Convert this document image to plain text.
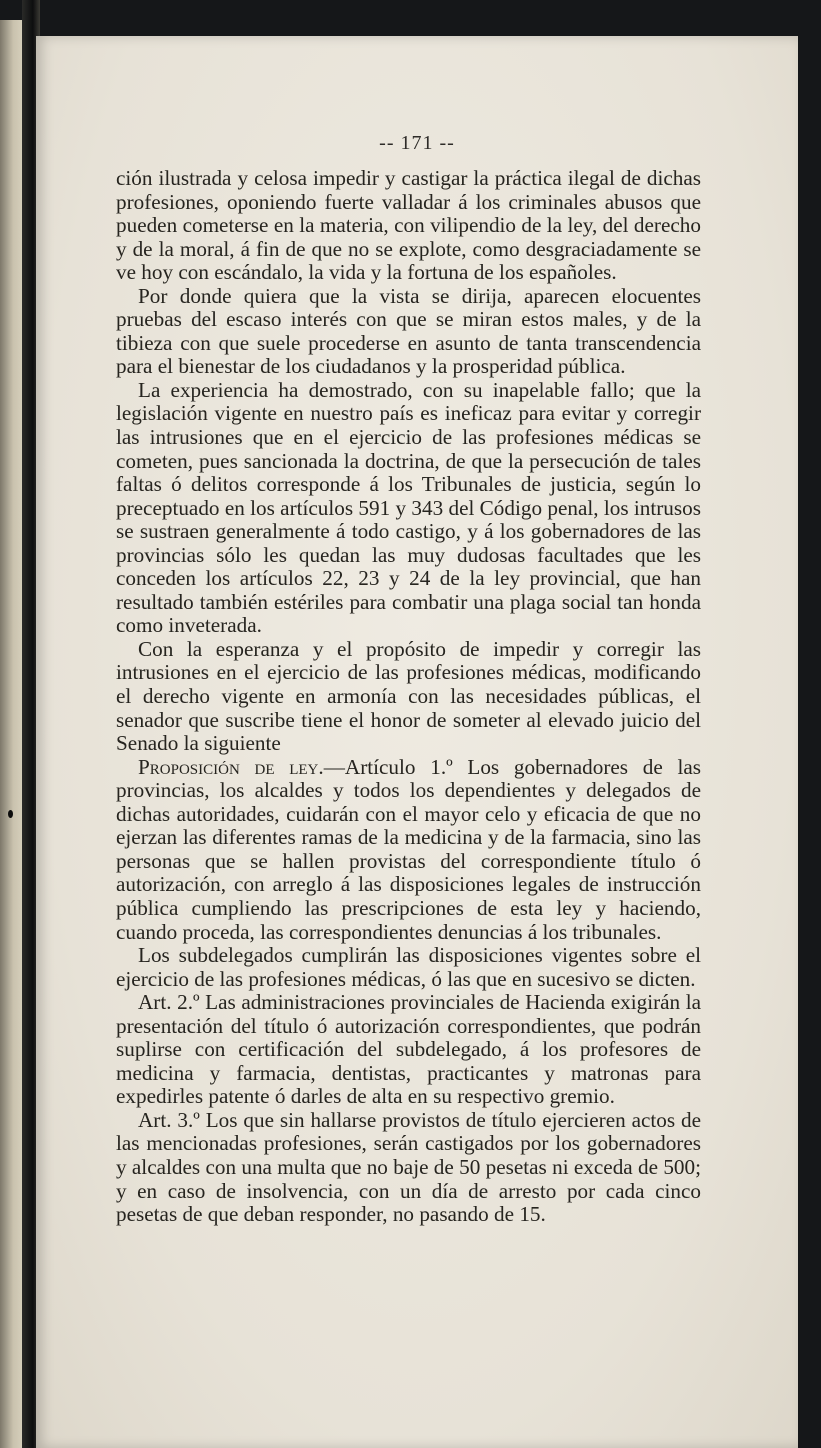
-- 171 --

ción ilustrada y celosa impedir y castigar la práctica ilegal de dichas profesiones, oponiendo fuerte valladar á los criminales abusos que pueden cometerse en la materia, con vilipendio de la ley, del derecho y de la moral, á fin de que no se explote, como desgraciadamente se ve hoy con escándalo, la vida y la fortuna de los españoles.

Por donde quiera que la vista se dirija, aparecen elocuentes pruebas del escaso interés con que se miran estos males, y de la tibieza con que suele procederse en asunto de tanta transcendencia para el bienestar de los ciudadanos y la prosperidad pública.

La experiencia ha demostrado, con su inapelable fallo; que la legislación vigente en nuestro país es ineficaz para evitar y corregir las intrusiones que en el ejercicio de las profesiones médicas se cometen, pues sancionada la doctrina, de que la persecución de tales faltas ó delitos corresponde á los Tribunales de justicia, según lo preceptuado en los artículos 591 y 343 del Código penal, los intrusos se sustraen generalmente á todo castigo, y á los gobernadores de las provincias sólo les quedan las muy dudosas facultades que les conceden los artículos 22, 23 y 24 de la ley provincial, que han resultado también estériles para combatir una plaga social tan honda como inveterada.

Con la esperanza y el propósito de impedir y corregir las intrusiones en el ejercicio de las profesiones médicas, modificando el derecho vigente en armonía con las necesidades públicas, el senador que suscribe tiene el honor de someter al elevado juicio del Senado la siguiente

Proposición de ley.—Artículo 1.º Los gobernadores de las provincias, los alcaldes y todos los dependientes y delegados de dichas autoridades, cuidarán con el mayor celo y eficacia de que no ejerzan las diferentes ramas de la medicina y de la farmacia, sino las personas que se hallen provistas del correspondiente título ó autorización, con arreglo á las disposiciones legales de instrucción pública cumpliendo las prescripciones de esta ley y haciendo, cuando proceda, las correspondientes denuncias á los tribunales.

Los subdelegados cumplirán las disposiciones vigentes sobre el ejercicio de las profesiones médicas, ó las que en sucesivo se dicten.

Art. 2.º Las administraciones provinciales de Hacienda exigirán la presentación del título ó autorización correspondientes, que podrán suplirse con certificación del subdelegado, á los profesores de medicina y farmacia, dentistas, practicantes y matronas para expedirles patente ó darles de alta en su respectivo gremio.

Art. 3.º Los que sin hallarse provistos de título ejercieren actos de las mencionadas profesiones, serán castigados por los gobernadores y alcaldes con una multa que no baje de 50 pesetas ni exceda de 500; y en caso de insolvencia, con un día de arresto por cada cinco pesetas de que deban responder, no pasando de 15.
